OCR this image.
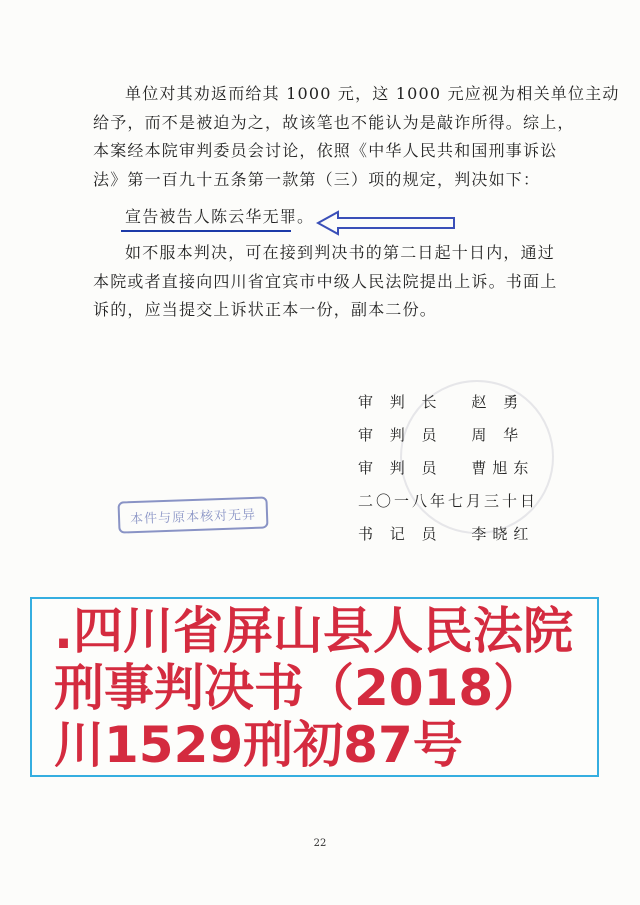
单位对其劝返而给其 1000 元，这 1000 元应视为相关单位主动
给予，而不是被迫为之，故该笔也不能认为是敲诈所得。综上，
本案经本院审判委员会讨论，依照《中华人民共和国刑事诉讼
法》第一百九十五条第一款第（三）项的规定，判决如下：
宣告被告人陈云华无罪。
如不服本判决，可在接到判决书的第二日起十日内，通过
本院或者直接向四川省宜宾市中级人民法院提出上诉。书面上
诉的，应当提交上诉状正本一份，副本二份。
审 判 长 赵 勇
审 判 员 周 华
审 判 员 曹旭东
二〇一八年七月三十日
书 记 员 李晓红
本件与原本核对无异
.四川省屏山县人民法院刑事判决书（2018）川1529刑初87号
22
